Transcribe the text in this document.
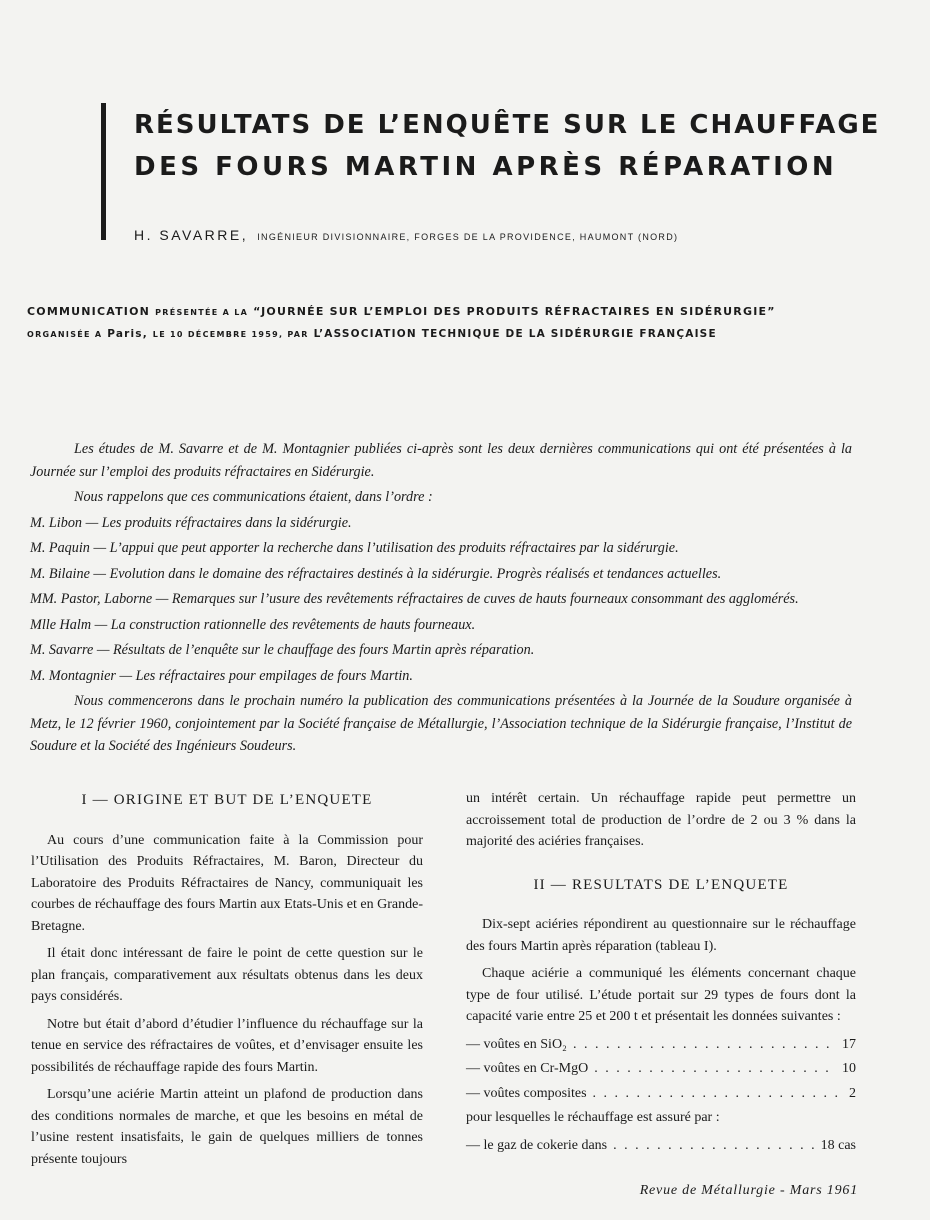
RÉSULTATS DE L’ENQUÊTE SUR LE CHAUFFAGE
DES FOURS MARTIN APRÈS RÉPARATION
H. SAVARRE, INGÉNIEUR DIVISIONNAIRE, FORGES DE LA PROVIDENCE, HAUMONT (NORD)
COMMUNICATION PRÉSENTÉE A LA “JOURNÉE SUR L’EMPLOI DES PRODUITS RÉFRACTAIRES EN SIDÉRURGIE”
ORGANISÉE A Paris, LE 10 DÉCEMBRE 1959, PAR L’ASSOCIATION TECHNIQUE DE LA SIDÉRURGIE FRANÇAISE

Les études de M. Savarre et de M. Montagnier publiées ci-après sont les deux dernières communications qui ont été présentées à la Journée sur l’emploi des produits réfractaires en Sidérurgie.

Nous rappelons que ces communications étaient, dans l’ordre :

M. Libon — Les produits réfractaires dans la sidérurgie.

M. Paquin — L’appui que peut apporter la recherche dans l’utilisation des produits réfractaires par la sidérurgie.

M. Bilaine — Evolution dans le domaine des réfractaires destinés à la sidérurgie. Progrès réalisés et tendances actuelles.

MM. Pastor, Laborne — Remarques sur l’usure des revêtements réfractaires de cuves de hauts fourneaux consommant des agglomérés.

Mlle Halm — La construction rationnelle des revêtements de hauts fourneaux.

M. Savarre — Résultats de l’enquête sur le chauffage des fours Martin après réparation.

M. Montagnier — Les réfractaires pour empilages de fours Martin.

Nous commencerons dans le prochain numéro la publication des communications présentées à la Journée de la Soudure organisée à Metz, le 12 février 1960, conjointement par la Société française de Métallurgie, l’Association technique de la Sidérurgie française, l’Institut de Soudure et la Société des Ingénieurs Soudeurs.

I — ORIGINE ET BUT DE L’ENQUETE

Au cours d’une communication faite à la Commission pour l’Utilisation des Produits Réfractaires, M. Baron, Directeur du Laboratoire des Produits Réfractaires de Nancy, communiquait les courbes de réchauffage des fours Martin aux Etats-Unis et en Grande-Bretagne.

Il était donc intéressant de faire le point de cette question sur le plan français, comparativement aux résultats obtenus dans les deux pays considérés.

Notre but était d’abord d’étudier l’influence du réchauffage sur la tenue en service des réfractaires de voûtes, et d’envisager ensuite les possibilités de réchauffage rapide des fours Martin.

Lorsqu’une aciérie Martin atteint un plafond de production dans des conditions normales de marche, et que les besoins en métal de l’usine restent insatisfaits, le gain de quelques milliers de tonnes présente toujours

un intérêt certain. Un réchauffage rapide peut permettre un accroissement total de production de l’ordre de 2 ou 3 % dans la majorité des aciéries françaises.

II — RESULTATS DE L’ENQUETE

Dix-sept aciéries répondirent au questionnaire sur le réchauffage des fours Martin après réparation (tableau I).

Chaque aciérie a communiqué les éléments concernant chaque type de four utilisé. L’étude portait sur 29 types de fours dont la capacité varie entre 25 et 200 t et présentait les données suivantes :

— voûtes en SiO₂ . . .	17
— voûtes en Cr-MgO . . .	10
— voûtes composites . . .	2

pour lesquelles le réchauffage est assuré par :

— le gaz de cokerie dans . . .	18 cas
Revue de Métallurgie - Mars 1961
